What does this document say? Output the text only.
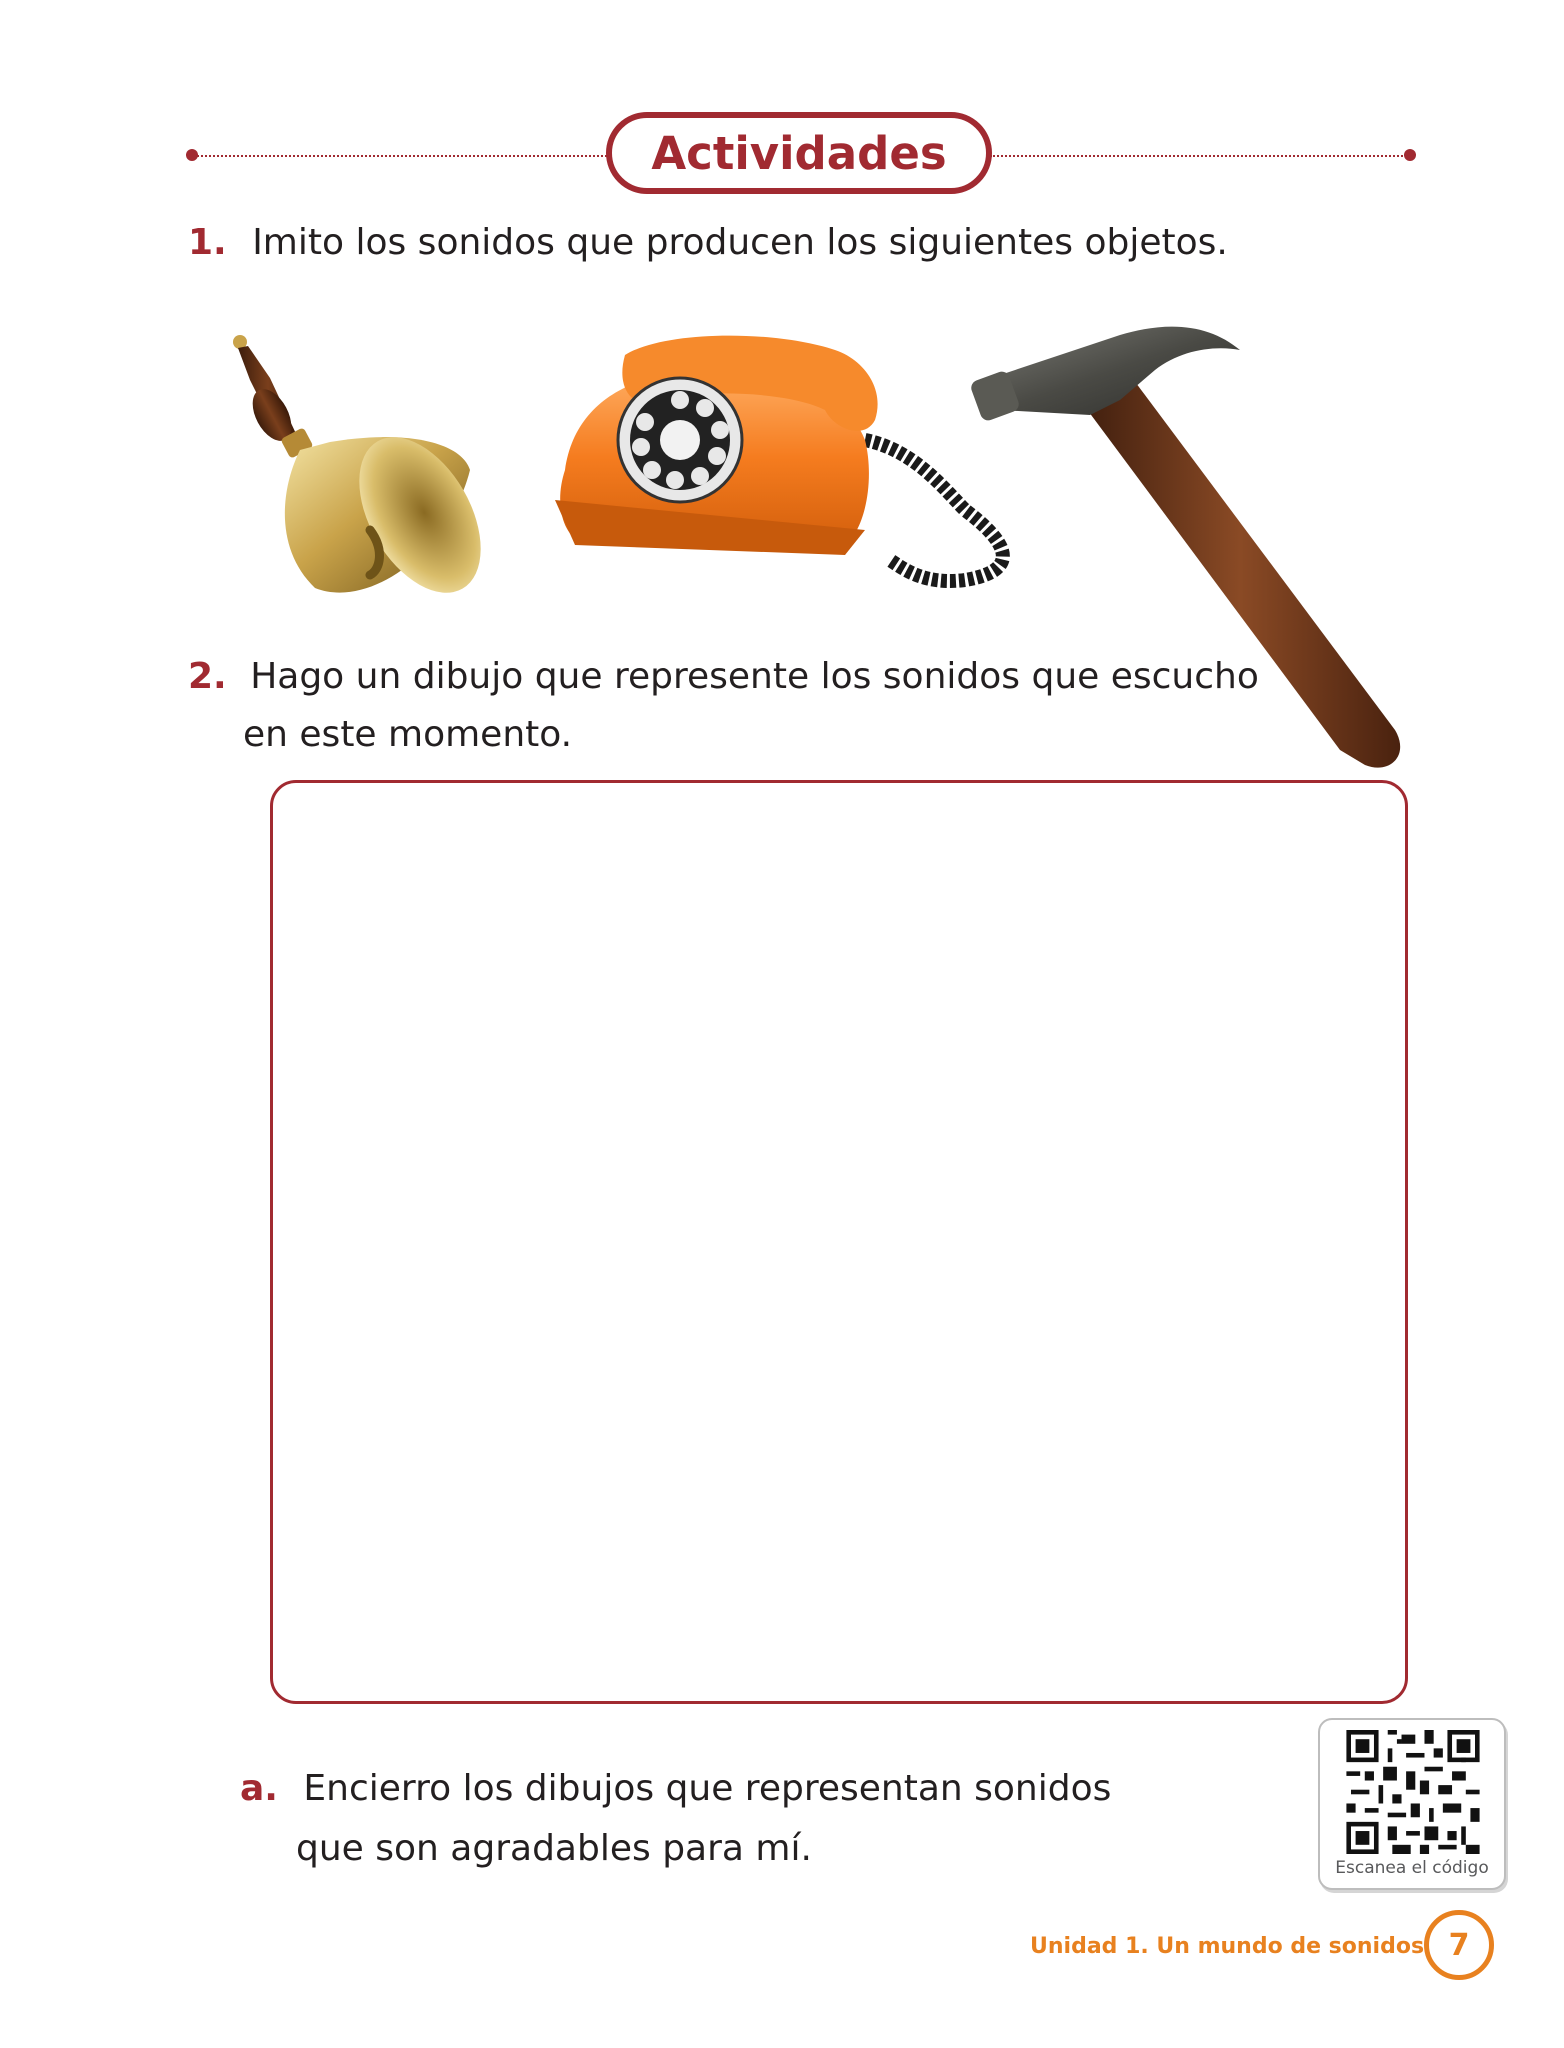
Actividades
1. Imito los sonidos que producen los siguientes objetos.
2. Hago un dibujo que represente los sonidos que escucho
en este momento.
a. Encierro los dibujos que representan sonidos
que son agradables para mí.	Escanea el código
Unidad 1. Un mundo de sonidos 7
